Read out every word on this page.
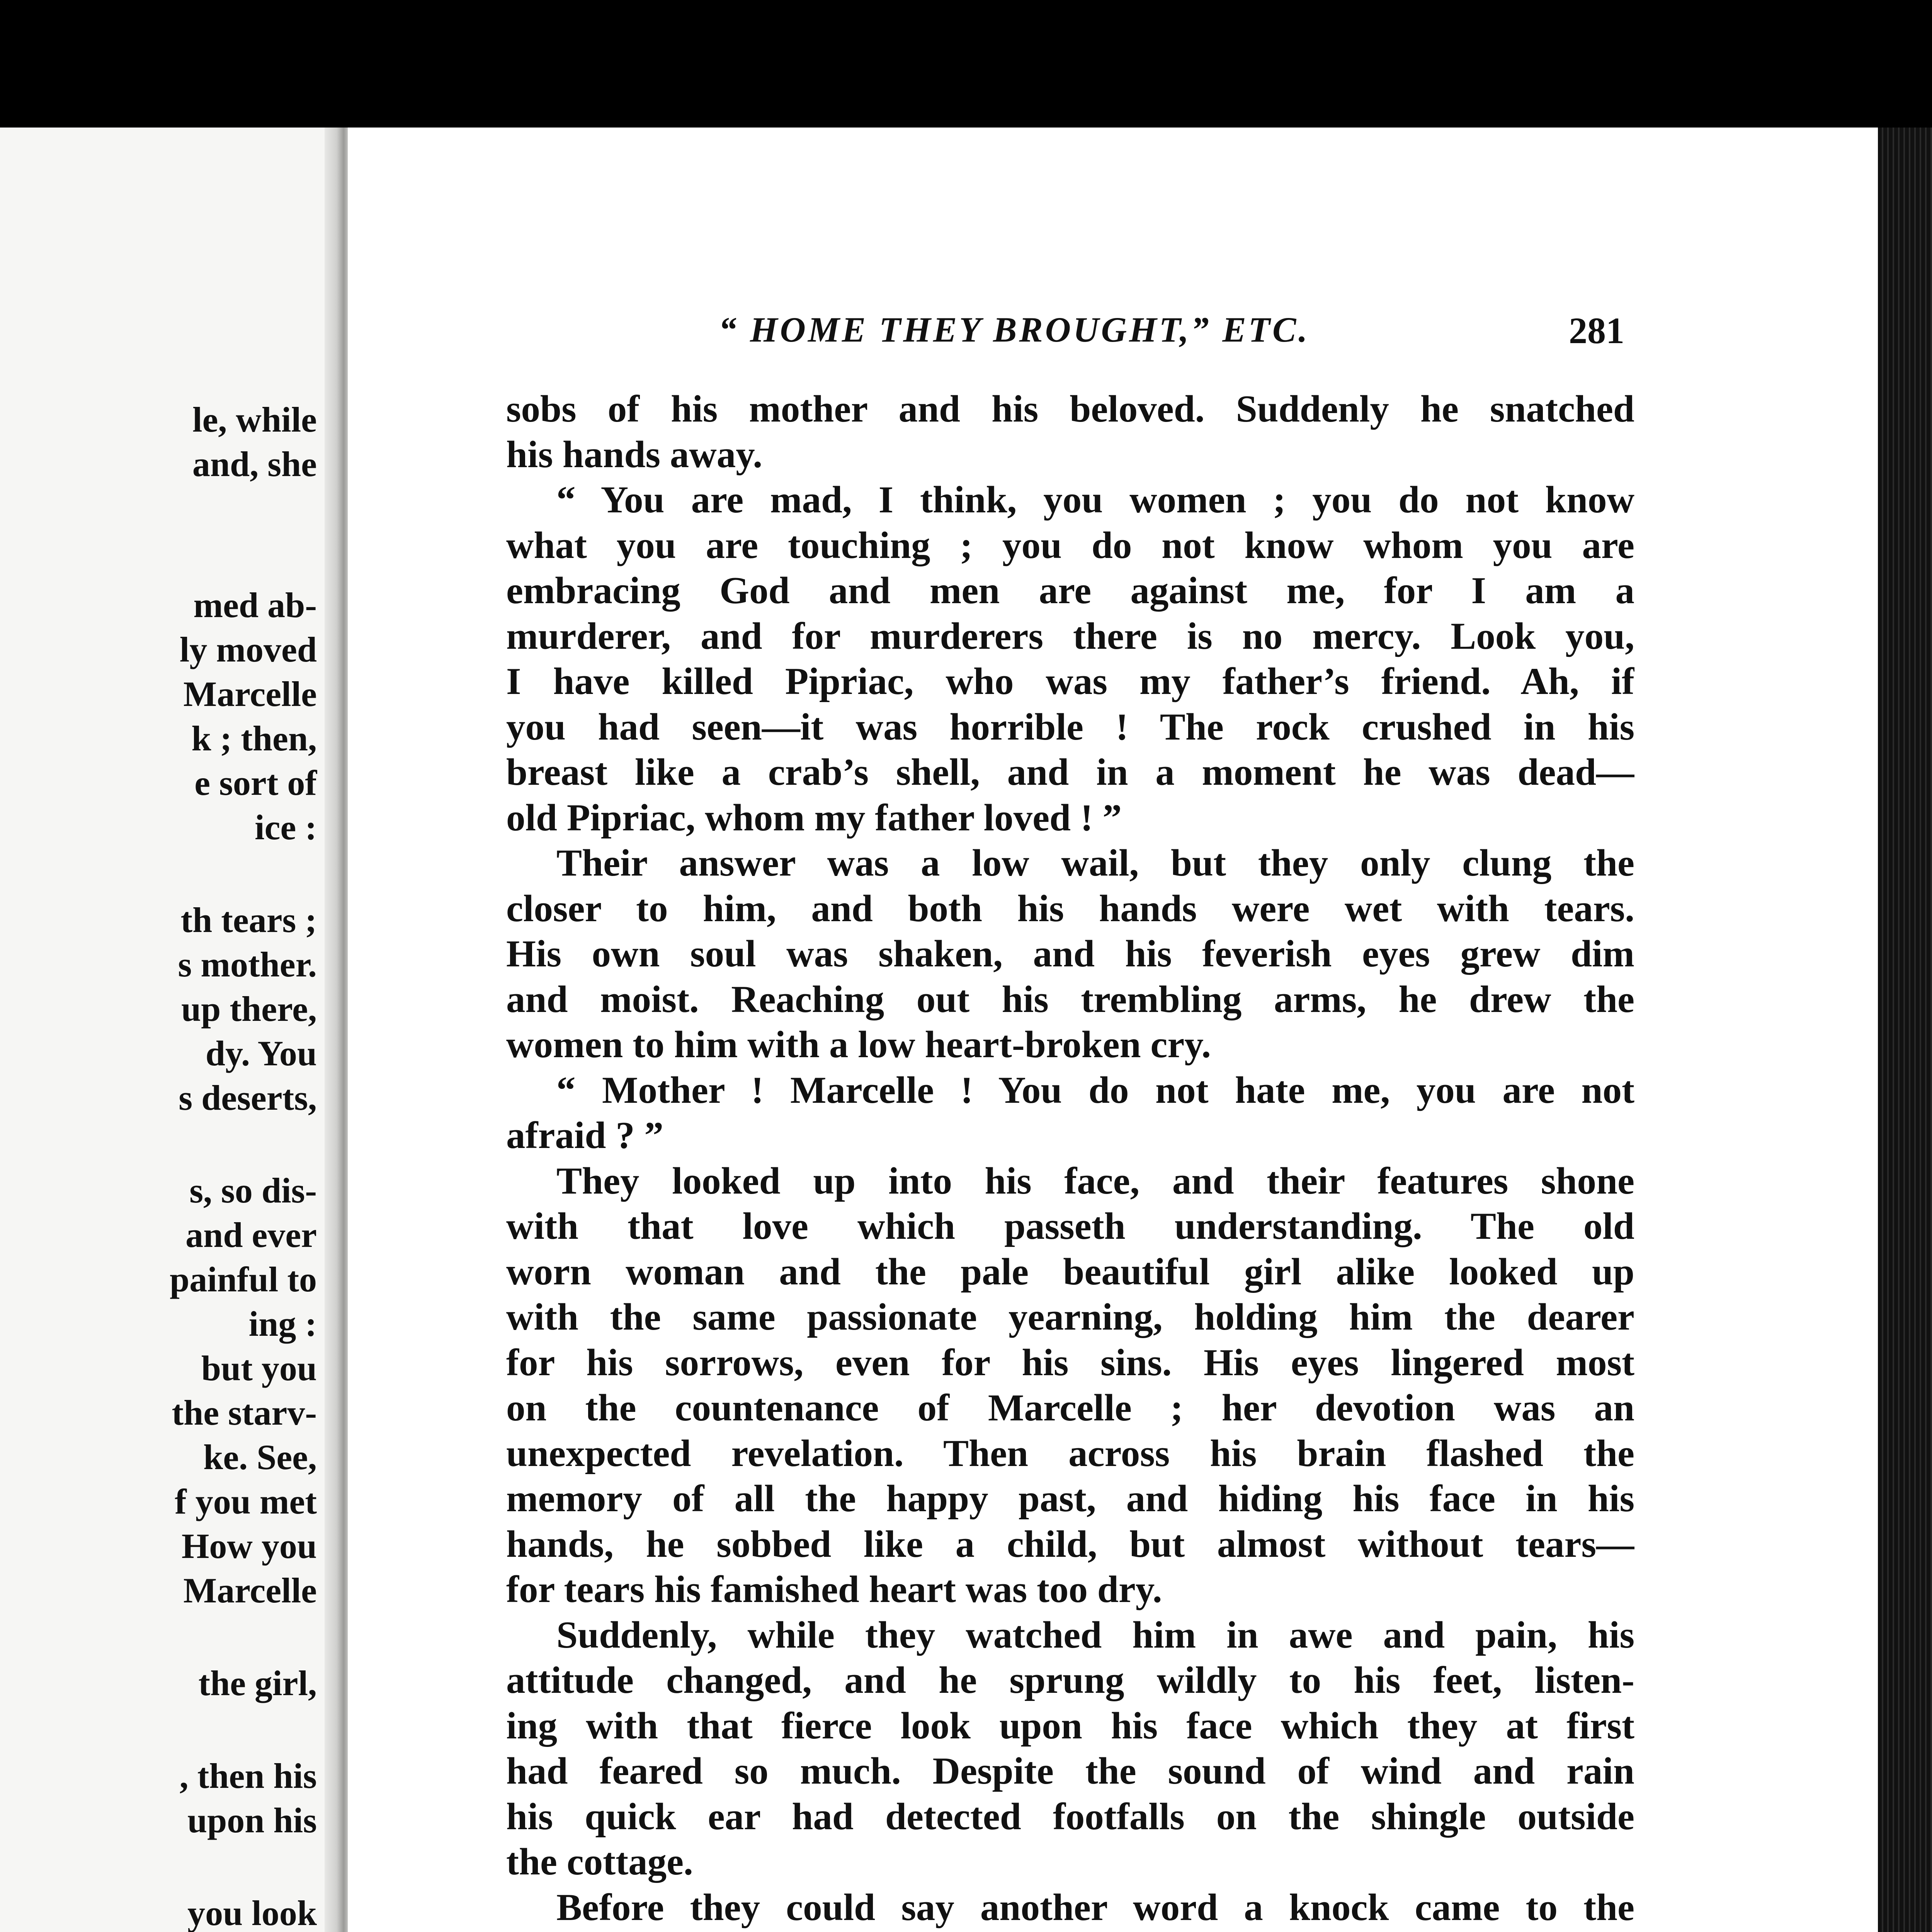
le, while
and, she
med ab-
ly moved
Marcelle
k ; then,
e sort of
ice :
th tears ;
s mother.
up there,
dy. You
s deserts,
s, so dis-
and ever
painful to
ing :
but you
the starv-
ke. See,
f you met
How you
Marcelle
the girl,
, then his
upon his
you look
“ HOME THEY BROUGHT,” ETC.	281
sobs of his mother and his beloved. Suddenly he snatched
his hands away.
“ You are mad, I think, you women ; you do not know
what you are touching ; you do not know whom you are
embracing God and men are against me, for I am a
murderer, and for murderers there is no mercy. Look you,
I have killed Pipriac, who was my father’s friend. Ah, if
you had seen—it was horrible ! The rock crushed in his
breast like a crab’s shell, and in a moment he was dead—
old Pipriac, whom my father loved ! ”
Their answer was a low wail, but they only clung the
closer to him, and both his hands were wet with tears.
His own soul was shaken, and his feverish eyes grew dim
and moist. Reaching out his trembling arms, he drew the
women to him with a low heart-broken cry.
“ Mother ! Marcelle ! You do not hate me, you are not
afraid ? ”
They looked up into his face, and their features shone
with that love which passeth understanding. The old
worn woman and the pale beautiful girl alike looked up
with the same passionate yearning, holding him the dearer
for his sorrows, even for his sins. His eyes lingered most
on the countenance of Marcelle ; her devotion was an
unexpected revelation. Then across his brain flashed the
memory of all the happy past, and hiding his face in his
hands, he sobbed like a child, but almost without tears—
for tears his famished heart was too dry.
Suddenly, while they watched him in awe and pain, his
attitude changed, and he sprung wildly to his feet, listen-
ing with that fierce look upon his face which they at first
had feared so much. Despite the sound of wind and rain
his quick ear had detected footfalls on the shingle outside
the cottage.
Before they could say another word a knock came to the
